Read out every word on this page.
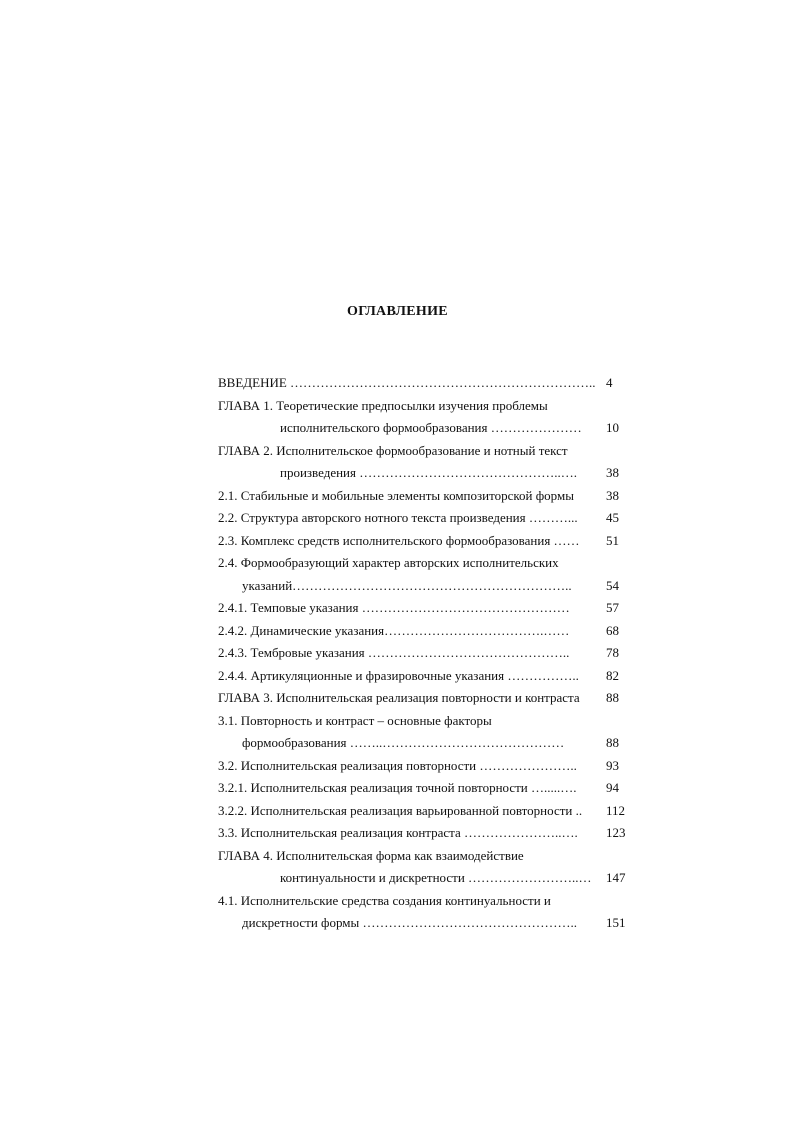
ОГЛАВЛЕНИЕ
ВВЕДЕНИЕ …………………………………………………………….. 4
ГЛАВА 1. Теоретические предпосылки изучения проблемы
исполнительского формообразования …………………	10
ГЛАВА 2. Исполнительское формообразование и нотный текст
произведения ………………………………………..….	38
2.1. Стабильные и мобильные элементы композиторской формы	38
2.2. Структура авторского нотного текста произведения ………...	45
2.3. Комплекс средств исполнительского формообразования ……	51
2.4. Формообразующий характер авторских исполнительских
указаний………………………………………………………..	54
2.4.1. Темповые указания …………………………………………	57
2.4.2. Динамические указания……………………………….……	68
2.4.3. Тембровые указания ………………………………………..	78
2.4.4. Артикуляционные и фразировочные указания ……………..	82
ГЛАВА 3. Исполнительская реализация повторности и контраста	88
3.1. Повторность и контраст – основные факторы
формообразования ……..……………………………………	88
3.2. Исполнительская реализация повторности …………………..	93
3.2.1. Исполнительская реализация точной повторности ….....….	94
3.2.2. Исполнительская реализация варьированной повторности ..	112
3.3. Исполнительская реализация контраста …………………..….	123
ГЛАВА 4. Исполнительская форма как взаимодействие
континуальности и дискретности ……………………..…	147
4.1. Исполнительские средства создания континуальности и
дискретности формы …………………………………………..	151
